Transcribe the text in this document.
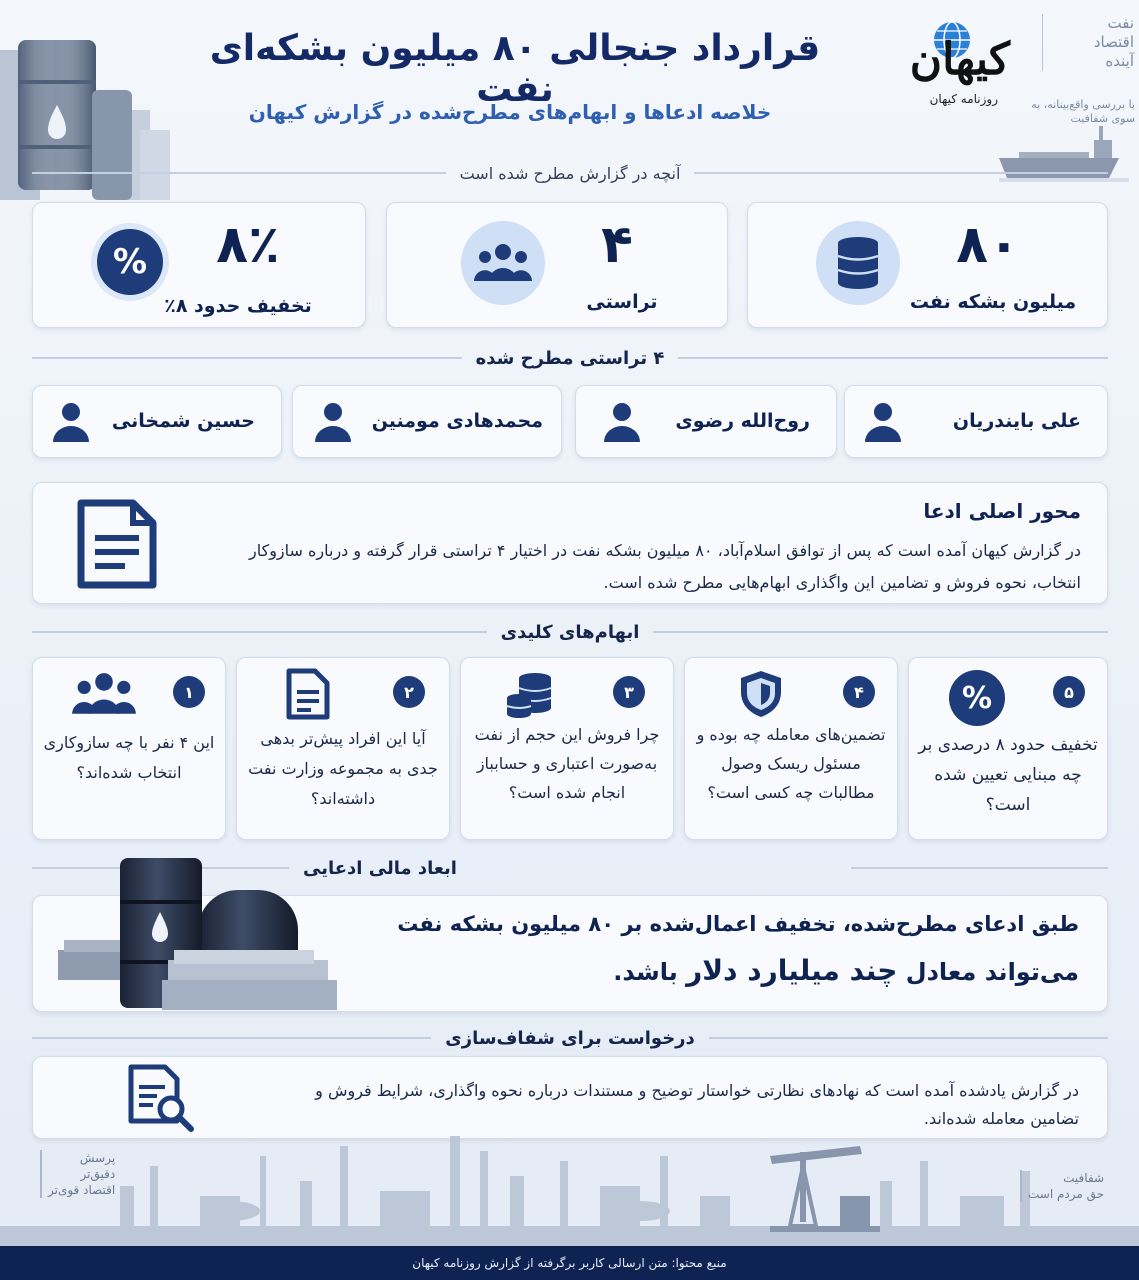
قرارداد جنجالی ۸۰ میلیون بشکه‌ای نفت
خلاصه ادعاها و ابهام‌های مطرح‌شده در گزارش کیهان
کیهان
روزنامه کیهان
نفت
اقتصاد
آینده
با بررسی واقع‌بینانه، به سوی شفافیت
آنچه در گزارش مطرح شده است
۸۰
میلیون بشکه نفت
۴
تراستی
%	۸٪
تخفیف حدود ۸٪
۴ تراستی مطرح شده
علی بایندریان
روح‌الله رضوی
محمدهادی مومنین
حسین شمخانی
محور اصلی ادعا
در گزارش کیهان آمده است که پس از توافق اسلام‌آباد، ۸۰ میلیون بشکه نفت در اختیار ۴ تراستی قرار گرفته و درباره سازوکار انتخاب، نحوه فروش و تضامین این واگذاری ابهام‌هایی مطرح شده است.
ابهام‌های کلیدی
۵
%
تخفیف حدود ۸ درصدی بر چه مبنایی تعیین شده است؟
۴
تضمین‌های معامله چه بوده و مسئول ریسک وصول مطالبات چه کسی است؟
۳
چرا فروش این حجم از نفت به‌صورت اعتباری و حسابباز انجام شده است؟
۲
آیا این افراد پیش‌تر بدهی جدی به مجموعه وزارت نفت داشته‌اند؟
۱
این ۴ نفر با چه سازوکاری انتخاب شده‌اند؟
ابعاد مالی ادعایی
طبق ادعای مطرح‌شده، تخفیف اعمال‌شده بر ۸۰ میلیون بشکه نفت
می‌تواند معادل چند میلیارد دلار باشد.
درخواست برای شفاف‌سازی
در گزارش یادشده آمده است که نهادهای نظارتی خواستار توضیح و مستندات درباره نحوه واگذاری، شرایط فروش و تضامین معامله شده‌اند.
پرسش
دقیق‌تر
اقتصاد قوی‌تر
شفافیت
حق مردم است
منبع محتوا: متن ارسالی کاربر برگرفته از گزارش روزنامه کیهان
